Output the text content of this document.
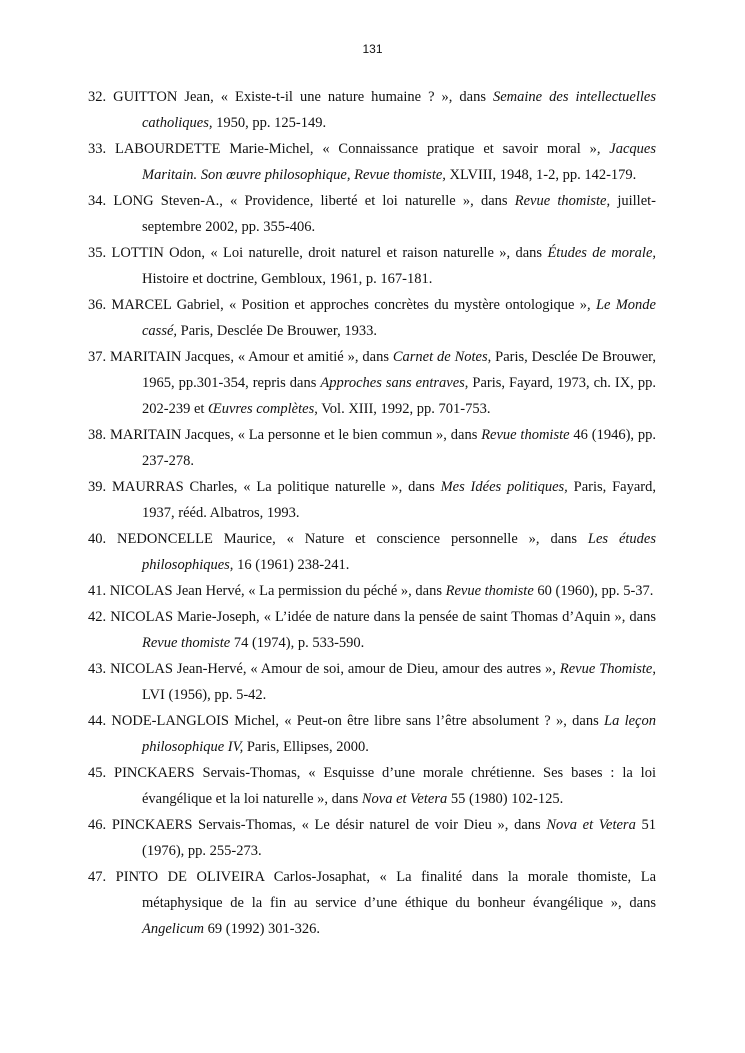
131
32. GUITTON Jean, « Existe-t-il une nature humaine ? », dans Semaine des intellectuelles catholiques, 1950, pp. 125-149.
33. LABOURDETTE Marie-Michel, « Connaissance pratique et savoir moral », Jacques Maritain. Son œuvre philosophique, Revue thomiste, XLVIII, 1948, 1-2, pp. 142-179.
34. LONG Steven-A., « Providence, liberté et loi naturelle », dans Revue thomiste, juillet-septembre 2002, pp. 355-406.
35. LOTTIN Odon, « Loi naturelle, droit naturel et raison naturelle », dans Études de morale, Histoire et doctrine, Gembloux, 1961, p. 167-181.
36. MARCEL Gabriel, « Position et approches concrètes du mystère ontologique », Le Monde cassé, Paris, Desclée De Brouwer, 1933.
37. MARITAIN Jacques, « Amour et amitié », dans Carnet de Notes, Paris, Desclée De Brouwer, 1965, pp.301-354, repris dans Approches sans entraves, Paris, Fayard, 1973, ch. IX, pp. 202-239 et Œuvres complètes, Vol. XIII, 1992, pp. 701-753.
38. MARITAIN Jacques, « La personne et le bien commun », dans Revue thomiste 46 (1946), pp. 237-278.
39. MAURRAS Charles, « La politique naturelle », dans Mes Idées politiques, Paris, Fayard, 1937, rééd. Albatros, 1993.
40. NEDONCELLE Maurice, « Nature et conscience personnelle », dans Les études philosophiques, 16 (1961) 238-241.
41. NICOLAS Jean Hervé, « La permission du péché », dans Revue thomiste 60 (1960), pp. 5-37.
42. NICOLAS Marie-Joseph, « L’idée de nature dans la pensée de saint Thomas d’Aquin », dans Revue thomiste 74 (1974), p. 533-590.
43. NICOLAS Jean-Hervé, « Amour de soi, amour de Dieu, amour des autres », Revue Thomiste, LVI (1956), pp. 5-42.
44. NODE-LANGLOIS Michel, « Peut-on être libre sans l’être absolument ? », dans La leçon philosophique IV, Paris, Ellipses, 2000.
45. PINCKAERS Servais-Thomas, « Esquisse d’une morale chrétienne. Ses bases : la loi évangélique et la loi naturelle », dans Nova et Vetera 55 (1980) 102-125.
46. PINCKAERS Servais-Thomas, « Le désir naturel de voir Dieu », dans Nova et Vetera 51 (1976), pp. 255-273.
47. PINTO DE OLIVEIRA Carlos-Josaphat, « La finalité dans la morale thomiste, La métaphysique de la fin au service d’une éthique du bonheur évangélique », dans Angelicum 69 (1992) 301-326.
